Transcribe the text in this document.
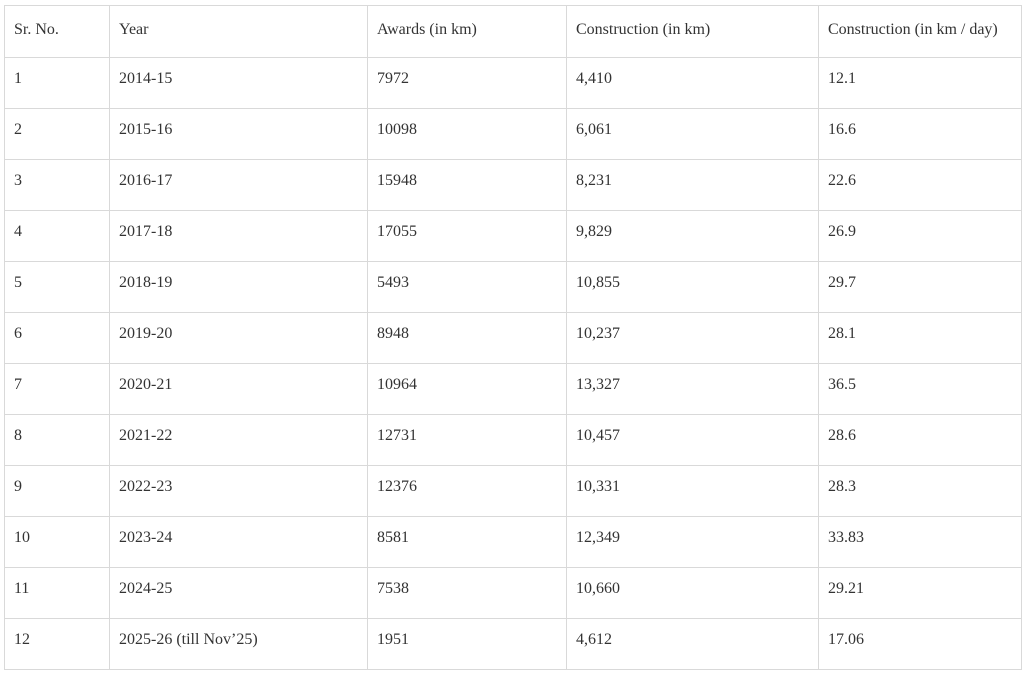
Sr. No.	Year	Awards (in km)	Construction (in km)	Construction (in km / day)
1	2014-15	7972	4,410	12.1
2	2015-16	10098	6,061	16.6
3	2016-17	15948	8,231	22.6
4	2017-18	17055	9,829	26.9
5	2018-19	5493	10,855	29.7
6	2019-20	8948	10,237	28.1
7	2020-21	10964	13,327	36.5
8	2021-22	12731	10,457	28.6
9	2022-23	12376	10,331	28.3
10	2023-24	8581	12,349	33.83
11	2024-25	7538	10,660	29.21
12	2025-26 (till Nov’25)	1951	4,612	17.06
